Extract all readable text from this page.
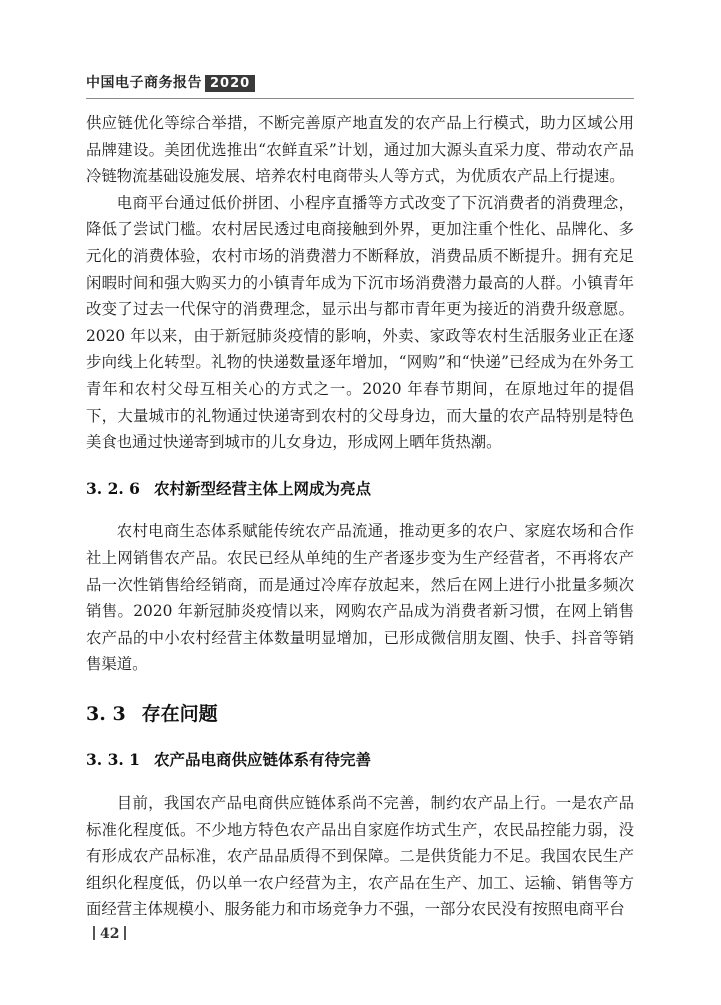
中国电子商务报告 2020

供应链优化等综合举措，不断完善原产地直发的农产品上行模式，助力区域公用品牌建设。美团优选推出“农鲜直采”计划，通过加大源头直采力度、带动农产品冷链物流基础设施发展、培养农村电商带头人等方式，为优质农产品上行提速。

电商平台通过低价拼团、小程序直播等方式改变了下沉消费者的消费理念，降低了尝试门槛。农村居民透过电商接触到外界，更加注重个性化、品牌化、多元化的消费体验，农村市场的消费潜力不断释放，消费品质不断提升。拥有充足闲暇时间和强大购买力的小镇青年成为下沉市场消费潜力最高的人群。小镇青年改变了过去一代保守的消费理念，显示出与都市青年更为接近的消费升级意愿。2020 年以来，由于新冠肺炎疫情的影响，外卖、家政等农村生活服务业正在逐步向线上化转型。礼物的快递数量逐年增加，“网购”和“快递”已经成为在外务工青年和农村父母互相关心的方式之一。2020 年春节期间，在原地过年的提倡下，大量城市的礼物通过快递寄到农村的父母身边，而大量的农产品特别是特色美食也通过快递寄到城市的儿女身边，形成网上晒年货热潮。

3. 2. 6 农村新型经营主体上网成为亮点

农村电商生态体系赋能传统农产品流通，推动更多的农户、家庭农场和合作社上网销售农产品。农民已经从单纯的生产者逐步变为生产经营者，不再将农产品一次性销售给经销商，而是通过冷库存放起来，然后在网上进行小批量多频次销售。2020 年新冠肺炎疫情以来，网购农产品成为消费者新习惯，在网上销售农产品的中小农村经营主体数量明显增加，已形成微信朋友圈、快手、抖音等销售渠道。

3. 3 存在问题
3. 3. 1 农产品电商供应链体系有待完善

目前，我国农产品电商供应链体系尚不完善，制约农产品上行。一是农产品标准化程度低。不少地方特色农产品出自家庭作坊式生产，农民品控能力弱，没有形成农产品标准，农产品品质得不到保障。二是供货能力不足。我国农民生产组织化程度低，仍以单一农户经营为主，农产品在生产、加工、运输、销售等方面经营主体规模小、服务能力和市场竞争力不强，一部分农民没有按照电商平台

42
